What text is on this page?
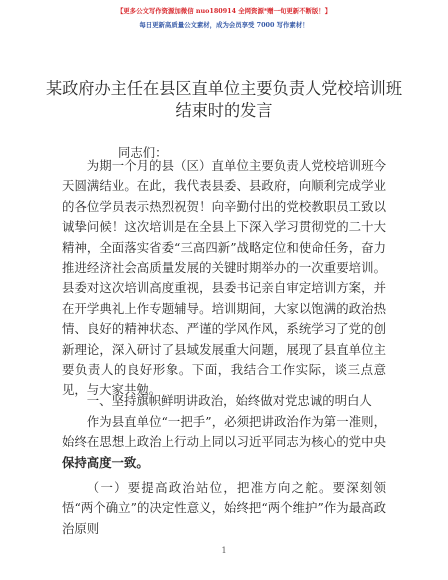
【更多公文写作资源加微信 nuo180914 全网资源*赠一旬更新不断版！】
每日更新高质量公文素材，成为会员享受 7000 写作素材！
某政府办主任在县区直单位主要负责人党校培训班结束时的发言
同志们：

为期一个月的县（区）直单位主要负责人党校培训班今天圆满结业。在此，我代表县委、县政府，向顺利完成学业的各位学员表示热烈祝贺！向辛勤付出的党校教职员工致以诚挚问候！这次培训是在全县上下深入学习贯彻党的二十大精神，全面落实省委“三高四新”战略定位和使命任务，奋力推进经济社会高质量发展的关键时期举办的一次重要培训。县委对这次培训高度重视，县委书记亲自审定培训方案，并在开学典礼上作专题辅导。培训期间，大家以饱满的政治热情、良好的精神状态、严谨的学风作风，系统学习了党的创新理论，深入研讨了县域发展重大问题，展现了县直单位主要负责人的良好形象。下面，我结合工作实际，谈三点意见，与大家共勉。

一、坚持旗帜鲜明讲政治，始终做对党忠诚的明白人

作为县直单位“一把手”，必须把讲政治作为第一准则，始终在思想上政治上行动上同以习近平同志为核心的党中央保持高度一致。

（一）要提高政治站位，把准方向之舵。要深刻领悟“两个确立”的决定性意义，始终把“两个维护”作为最高政治原则

1
